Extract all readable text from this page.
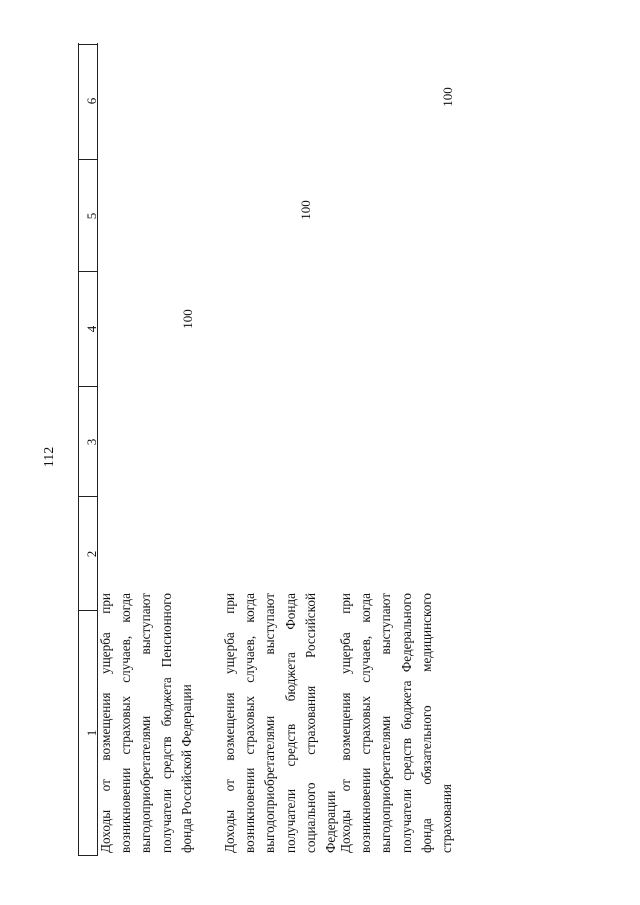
112
1
2
3
4
5
6
Доходы от возмещения ущерба при возникновении страховых случаев, когда выгодоприобретателями выступают получатели средств бюджета Пенсионного фонда Российской Федерации
100
Доходы от возмещения ущерба при возникновении страховых случаев, когда выгодоприобретателями выступают получатели средств бюджета Фонда социального страхования Российской Федерации
100
Доходы от возмещения ущерба при возникновении страховых случаев, когда выгодоприобретателями выступают получатели средств бюджета Федерального фонда обязательного медицинского страхования
100
